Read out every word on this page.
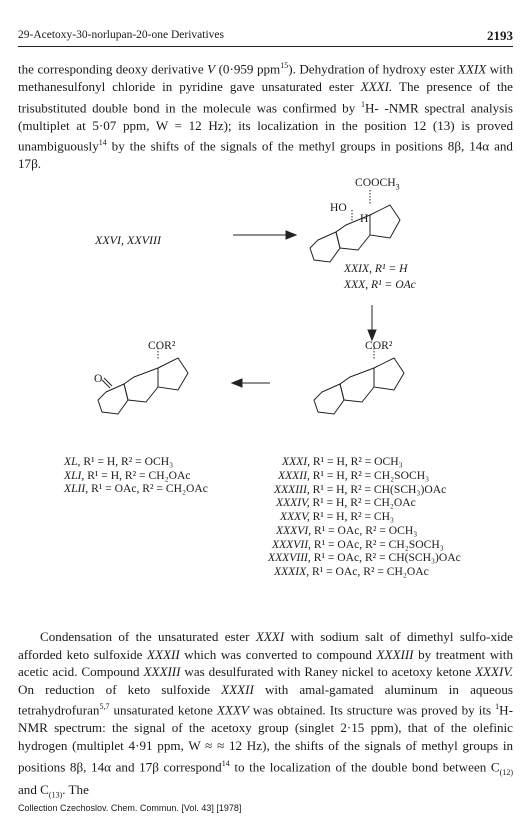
29-Acetoxy-30-norlupan-20-one Derivatives	2193
the corresponding deoxy derivative V (0·959 ppm$^{15}$). Dehydration of hydroxy ester XXIX with methanesulfonyl chloride in pyridine gave unsaturated ester XXXI. The presence of the trisubstituted double bond in the molecule was confirmed by $^1$H- -NMR spectral analysis (multiplet at 5·07 ppm, W = 12 Hz); its localization in the position 12 (13) is proved unambiguously$^{14}$ by the shifts of the signals of the methyl groups in positions 8β, 14α and 17β.
XXVI, XXVIII
$COOCH_3$
HO
H
XXIX, R¹ = H
XXX, R¹ = OAc
COR²	COR²
O
XL, R¹ = H, R² = OCH₃
XLI, R¹ = H, R² = CH₂OAc
XLII, R¹ = OAc, R² = CH₂OAc
XXXI, R¹ = H, R² = OCH₃
XXXII, R¹ = H, R² = CH₂SOCH₃
XXXIII, R¹ = H, R² = CH(SCH₃)OAc
XXXIV, R¹ = H, R² = CH₂OAc
XXXV, R¹ = H, R² = CH₃
XXXVI, R¹ = OAc, R² = OCH₃
XXXVII, R¹ = OAc, R² = CH₂SOCH₃
XXXVIII, R¹ = OAc, R² = CH(SCH₃)OAc
XXXIX, R¹ = OAc, R² = CH₂OAc
Condensation of the unsaturated ester XXXI with sodium salt of dimethyl sulfo-xide afforded keto sulfoxide XXXII which was converted to compound XXXIII by treatment with acetic acid. Compound XXXIII was desulfurated with Raney nickel to acetoxy ketone XXXIV. On reduction of keto sulfoxide XXXII with amal-gamated aluminum in aqueous tetrahydrofuran$^{5,7}$ unsaturated ketone XXXV was obtained. Its structure was proved by its $^1$H-NMR spectrum: the signal of the acetoxy group (singlet 2·15 ppm), that of the olefinic hydrogen (multiplet 4·91 ppm, W ≈ ≈ 12 Hz), the shifts of the signals of methyl groups in positions 8β, 14α and 17β correspond$^{14}$ to the localization of the double bond between $C_{(12)}$ and $C_{(13)}$. The
Collection Czechoslov. Chem. Commun. [Vol. 43] [1978]
